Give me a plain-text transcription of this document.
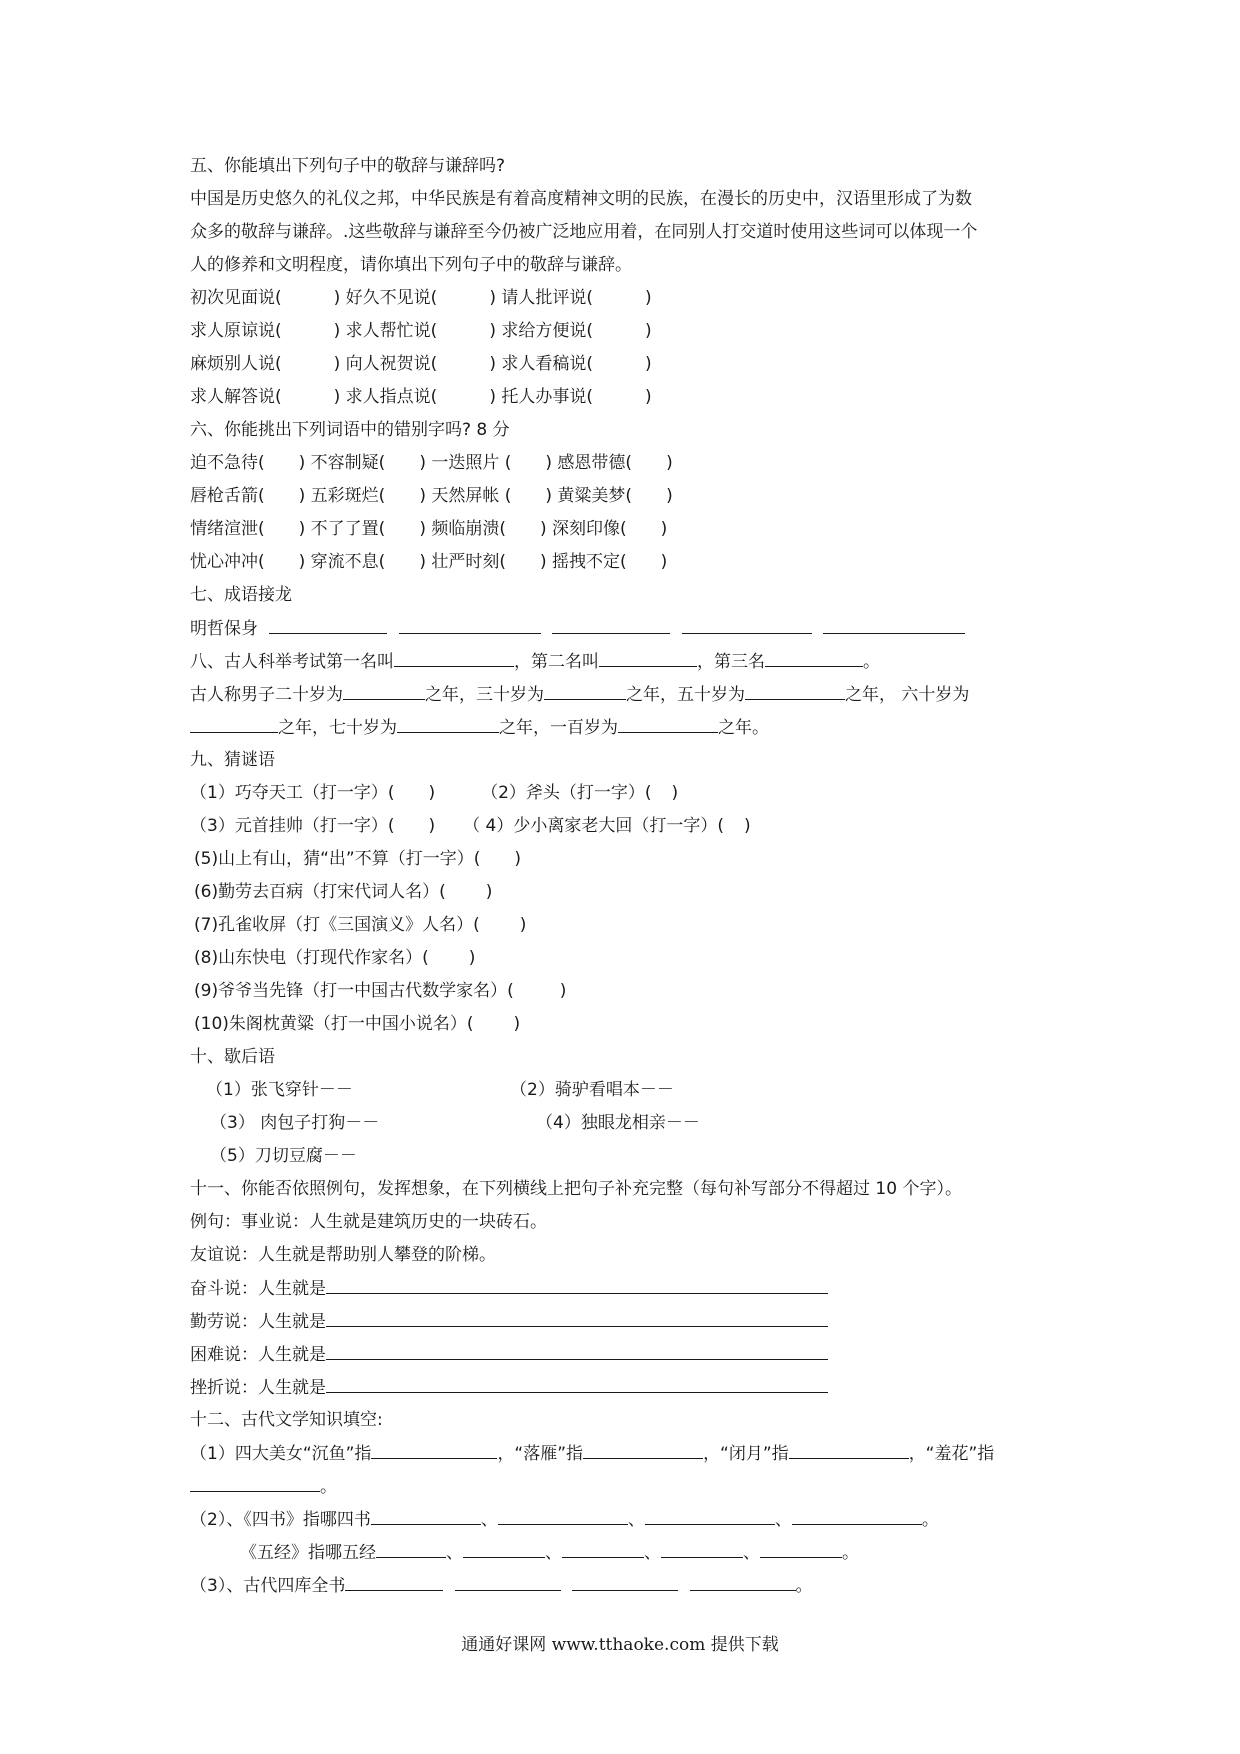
五、你能填出下列句子中的敬辞与谦辞吗?
中国是历史悠久的礼仪之邦，中华民族是有着高度精神文明的民族，在漫长的历史中，汉语里形成了为数
众多的敬辞与谦辞。.这些敬辞与谦辞至今仍被广泛地应用着，在同别人打交道时使用这些词可以体现一个
人的修养和文明程度，请你填出下列句子中的敬辞与谦辞。
初次见面说(	) 好久不见说(	) 请人批评说(	)
求人原谅说(	) 求人帮忙说(	) 求给方便说(	)
麻烦别人说(	) 向人祝贺说(	) 求人看稿说(	)
求人解答说(	) 求人指点说(	) 托人办事说(	)
六、你能挑出下列词语中的错别字吗? 8 分
迫不急待( ) 不容制疑( ) 一迭照片 ( ) 感恩带德( )
唇枪舌箭( ) 五彩斑烂( ) 天然屏帐 ( ) 黄粱美梦( )
情绪渲泄( ) 不了了置( ) 频临崩溃( ) 深刻印像( )
忧心冲冲( ) 穿流不息( ) 壮严时刻( ) 摇拽不定( )
七、成语接龙
明哲保身
八、古人科举考试第一名叫	，第二名叫	，第三名	。
古人称男子二十岁为	之年，三十岁为	之年，五十岁为	之年， 六十岁为
之年，七十岁为	之年，一百岁为	之年。
九、猜谜语
（1）巧夺天工（打一字）( )	（2）斧头（打一字）( )
（3）元首挂帅（打一字）( ) （ 4）少小离家老大回（打一字）( )
(5)山上有山，猜“出”不算（打一字）( )
(6)勤劳去百病（打宋代词人名）( )
(7)孔雀收屏（打《三国演义》人名）( )
(8)山东快电（打现代作家名）( )
(9)爷爷当先锋（打一中国古代数学家名）(	)
(10)朱阁枕黄粱（打一中国小说名）( )
十、歇后语
（1）张飞穿针－－	（2）骑驴看唱本－－
（3） 肉包子打狗－－	（4）独眼龙相亲－－
（5）刀切豆腐－－
十一、你能否依照例句，发挥想象，在下列横线上把句子补充完整（每句补写部分不得超过 10 个字）。
例句：事业说：人生就是建筑历史的一块砖石。
友谊说：人生就是帮助别人攀登的阶梯。
奋斗说：人生就是
勤劳说：人生就是
困难说：人生就是
挫折说：人生就是
十二、古代文学知识填空:
（1）四大美女“沉鱼”指	，“落雁”指	，“闭月”指	，“羞花”指
。
（2）、《四书》指哪四书	、	、	、	。
《五经》指哪五经	、	、	、	、	。
（3）、古代四库全书	。
通通好课网 www.tthaoke.com 提供下载
